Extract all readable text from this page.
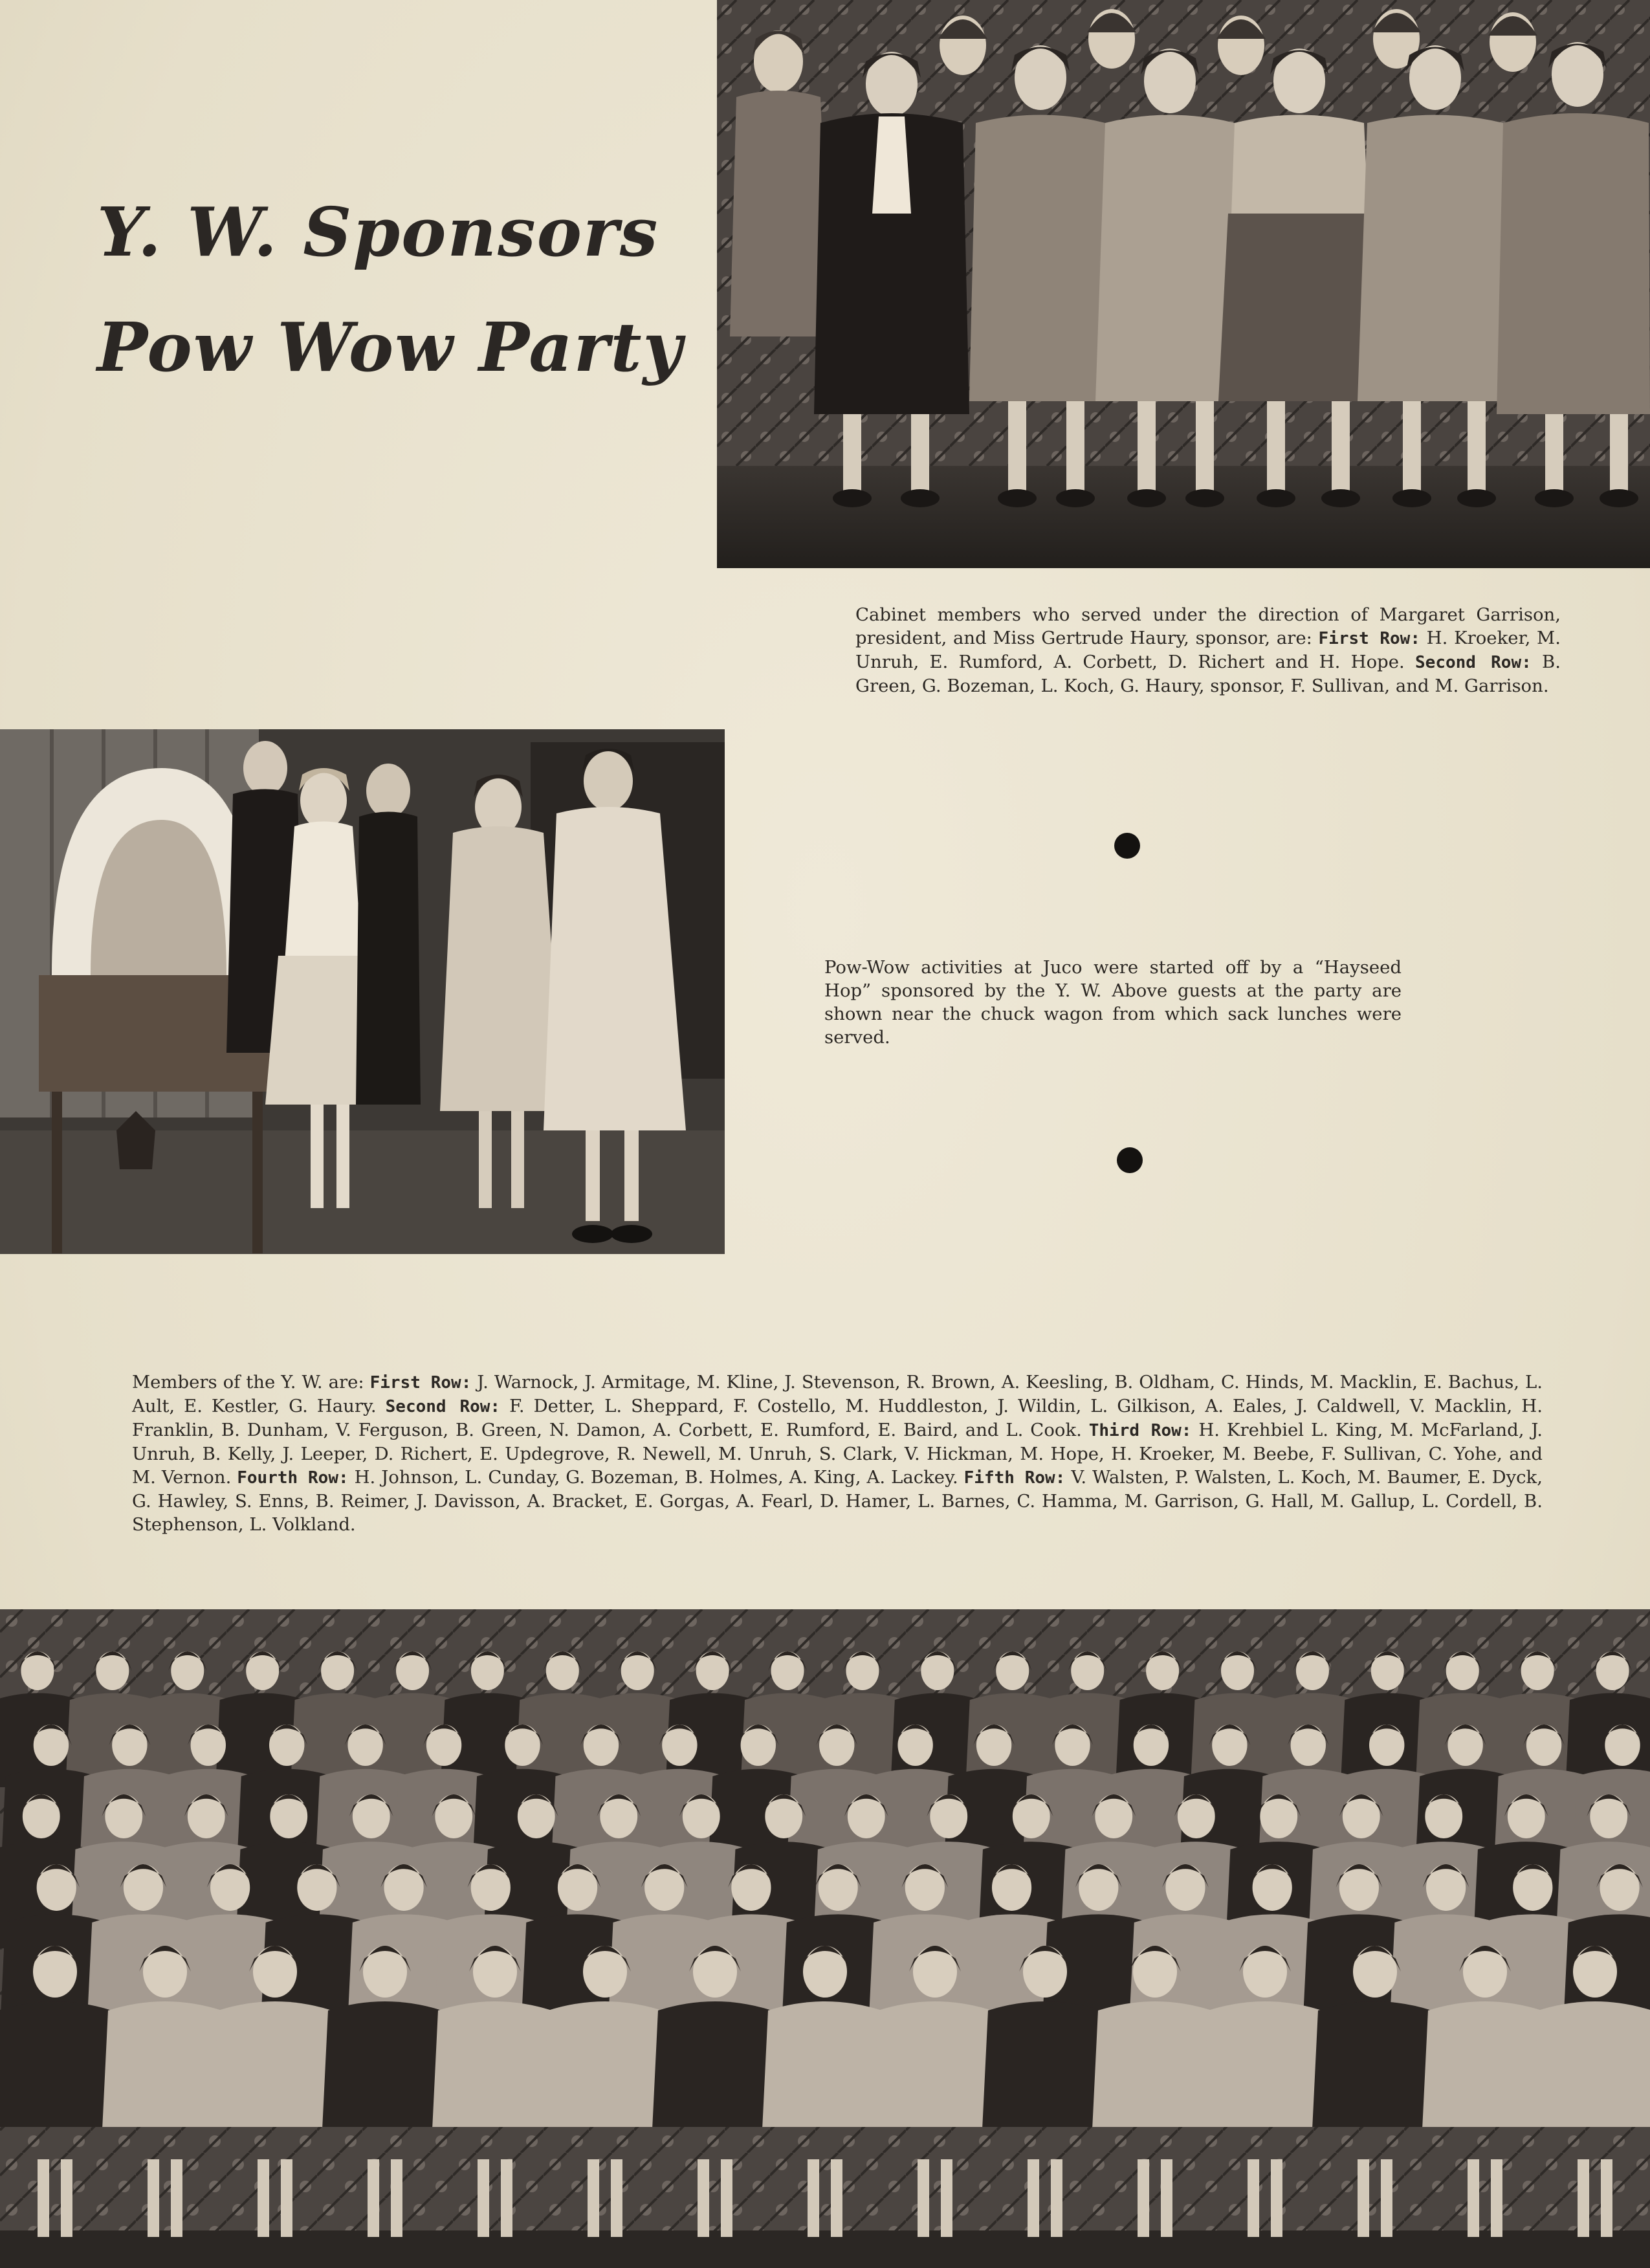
Y. W. Sponsors
Pow Wow Party
Cabinet members who served under the direction of Margaret Garrison, president, and Miss Gertrude Haury, sponsor, are: First Row: H. Kroeker, M. Unruh, E. Rumford, A. Corbett, D. Richert and H. Hope. Second Row: B. Green, G. Bozeman, L. Koch, G. Haury, sponsor, F. Sullivan, and M. Garrison.
Pow-Wow activities at Juco were started off by a “Hayseed Hop” sponsored by the Y. W. Above guests at the party are shown near the chuck wagon from which sack lunches were served.
Members of the Y. W. are: First Row: J. Warnock, J. Armitage, M. Kline, J. Stevenson, R. Brown, A. Keesling, B. Oldham, C. Hinds, M. Macklin, E. Bachus, L. Ault, E. Kestler, G. Haury. Second Row: F. Detter, L. Sheppard, F. Costello, M. Huddleston, J. Wildin, L. Gilkison, A. Eales, J. Caldwell, V. Macklin, H. Franklin, B. Dunham, V. Ferguson, B. Green, N. Damon, A. Corbett, E. Rumford, E. Baird, and L. Cook. Third Row: H. Krehbiel L. King, M. McFarland, J. Unruh, B. Kelly, J. Leeper, D. Richert, E. Updegrove, R. Newell, M. Unruh, S. Clark, V. Hickman, M. Hope, H. Kroeker, M. Beebe, F. Sullivan, C. Yohe, and M. Vernon. Fourth Row: H. Johnson, L. Cunday, G. Bozeman, B. Holmes, A. King, A. Lackey. Fifth Row: V. Walsten, P. Walsten, L. Koch, M. Baumer, E. Dyck, G. Hawley, S. Enns, B. Reimer, J. Davisson, A. Bracket, E. Gorgas, A. Fearl, D. Hamer, L. Barnes, C. Hamma, M. Garrison, G. Hall, M. Gallup, L. Cordell, B. Stephenson, L. Volkland.
